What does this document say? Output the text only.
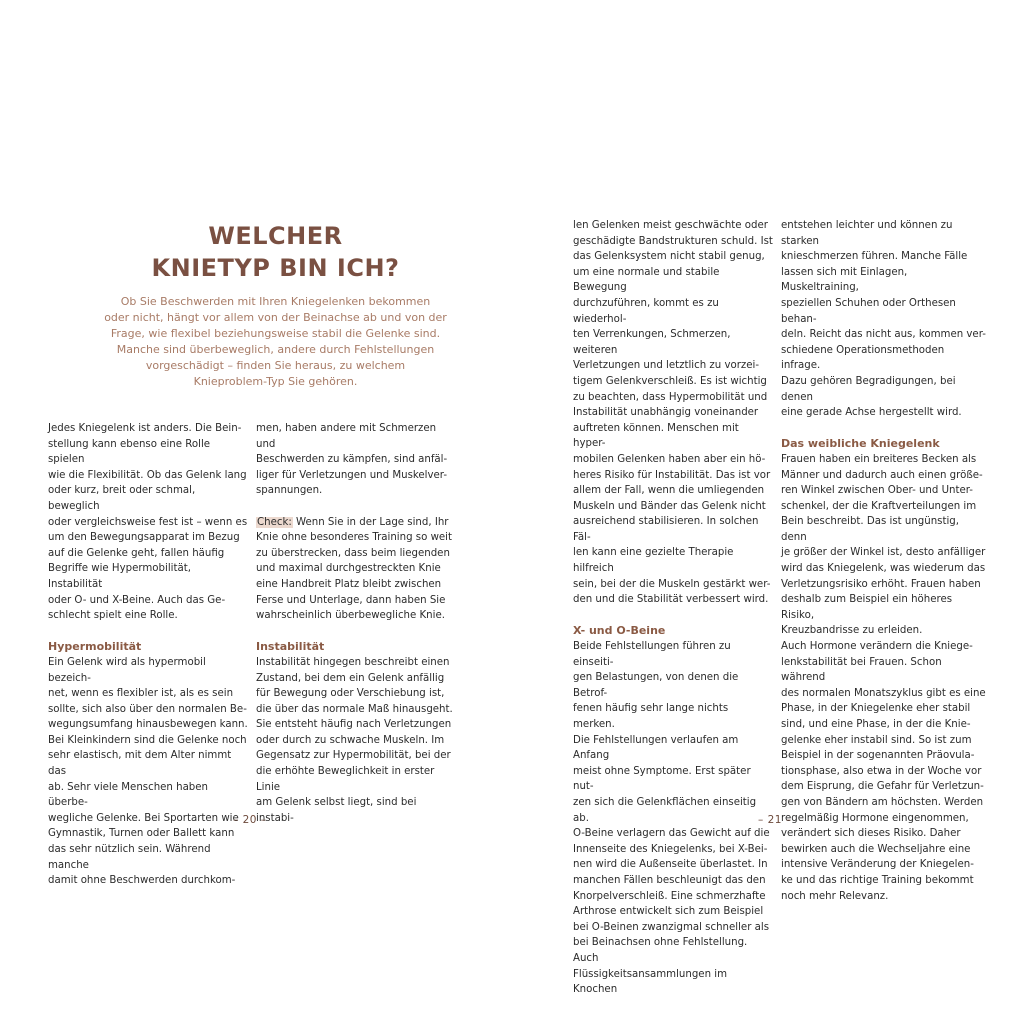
WELCHER
KNIETYP BIN ICH?

Ob Sie Beschwerden mit Ihren Kniegelenken bekommen
oder nicht, hängt vor allem von der Beinachse ab und von der
Frage, wie flexibel beziehungsweise stabil die Gelenke sind.
Manche sind überbeweglich, andere durch Fehlstellungen
vorgeschädigt – finden Sie heraus, zu welchem
Knieproblem-Typ Sie gehören.

Jedes Kniegelenk ist anders. Die Bein-
stellung kann ebenso eine Rolle spielen
wie die Flexibilität. Ob das Gelenk lang
oder kurz, breit oder schmal, beweglich
oder vergleichsweise fest ist – wenn es
um den Bewegungsapparat im Bezug
auf die Gelenke geht, fallen häufig
Begriffe wie Hypermobilität, Instabilität
oder O- und X-Beine. Auch das Ge-
schlecht spielt eine Rolle.

Hypermobilität

Ein Gelenk wird als hypermobil bezeich-
net, wenn es flexibler ist, als es sein
sollte, sich also über den normalen Be-
wegungsumfang hinausbewegen kann.
Bei Kleinkindern sind die Gelenke noch
sehr elastisch, mit dem Alter nimmt das
ab. Sehr viele Menschen haben überbe-
wegliche Gelenke. Bei Sportarten wie
Gymnastik, Turnen oder Ballett kann
das sehr nützlich sein. Während manche
damit ohne Beschwerden durchkom-

men, haben andere mit Schmerzen und
Beschwerden zu kämpfen, sind anfäl-
liger für Verletzungen und Muskelver-
spannungen.

Check: Wenn Sie in der Lage sind, Ihr
Knie ohne besonderes Training so weit
zu überstrecken, dass beim liegenden
und maximal durchgestreckten Knie
eine Handbreit Platz bleibt zwischen
Ferse und Unterlage, dann haben Sie
wahrscheinlich überbewegliche Knie.

Instabilität

Instabilität hingegen beschreibt einen
Zustand, bei dem ein Gelenk anfällig
für Bewegung oder Verschiebung ist,
die über das normale Maß hinausgeht.
Sie entsteht häufig nach Verletzungen
oder durch zu schwache Muskeln. Im
Gegensatz zur Hypermobilität, bei der
die erhöhte Beweglichkeit in erster Linie
am Gelenk selbst liegt, sind bei instabi-

– 20 –

len Gelenken meist geschwächte oder
geschädigte Bandstrukturen schuld. Ist
das Gelenksystem nicht stabil genug,
um eine normale und stabile Bewegung
durchzuführen, kommt es zu wiederhol-
ten Verrenkungen, Schmerzen, weiteren
Verletzungen und letztlich zu vorzei-
tigem Gelenkverschleiß. Es ist wichtig
zu beachten, dass Hypermobilität und
Instabilität unabhängig voneinander
auftreten können. Menschen mit hyper-
mobilen Gelenken haben aber ein hö-
heres Risiko für Instabilität. Das ist vor
allem der Fall, wenn die umliegenden
Muskeln und Bänder das Gelenk nicht
ausreichend stabilisieren. In solchen Fäl-
len kann eine gezielte Therapie hilfreich
sein, bei der die Muskeln gestärkt wer-
den und die Stabilität verbessert wird.

X- und O-Beine

Beide Fehlstellungen führen zu einseiti-
gen Belastungen, von denen die Betrof-
fenen häufig sehr lange nichts merken.
Die Fehlstellungen verlaufen am Anfang
meist ohne Symptome. Erst später nut-
zen sich die Gelenkflächen einseitig ab.
O-Beine verlagern das Gewicht auf die
Innenseite des Kniegelenks, bei X-Bei-
nen wird die Außenseite überlastet. In
manchen Fällen beschleunigt das den
Knorpelverschleiß. Eine schmerzhafte
Arthrose entwickelt sich zum Beispiel
bei O-Beinen zwanzigmal schneller als
bei Beinachsen ohne Fehlstellung. Auch
Flüssigkeitsansammlungen im Knochen

entstehen leichter und können zu starken
knieschmerzen führen. Manche Fälle
lassen sich mit Einlagen, Muskeltraining,
speziellen Schuhen oder Orthesen behan-
deln. Reicht das nicht aus, kommen ver-
schiedene Operationsmethoden infrage.
Dazu gehören Begradigungen, bei denen
eine gerade Achse hergestellt wird.

Das weibliche Kniegelenk

Frauen haben ein breiteres Becken als
Männer und dadurch auch einen größe-
ren Winkel zwischen Ober- und Unter-
schenkel, der die Kraftverteilungen im
Bein beschreibt. Das ist ungünstig, denn
je größer der Winkel ist, desto anfälliger
wird das Kniegelenk, was wiederum das
Verletzungsrisiko erhöht. Frauen haben
deshalb zum Beispiel ein höheres Risiko,
Kreuzbandrisse zu erleiden.
Auch Hormone verändern die Kniege-
lenkstabilität bei Frauen. Schon während
des normalen Monatszyklus gibt es eine
Phase, in der Kniegelenke eher stabil
sind, und eine Phase, in der die Knie-
gelenke eher instabil sind. So ist zum
Beispiel in der sogenannten Präovula-
tionsphase, also etwa in der Woche vor
dem Eisprung, die Gefahr für Verletzun-
gen von Bändern am höchsten. Werden
regelmäßig Hormone eingenommen,
verändert sich dieses Risiko. Daher
bewirken auch die Wechseljahre eine
intensive Veränderung der Kniegelen-
ke und das richtige Training bekommt
noch mehr Relevanz.

– 21 –
